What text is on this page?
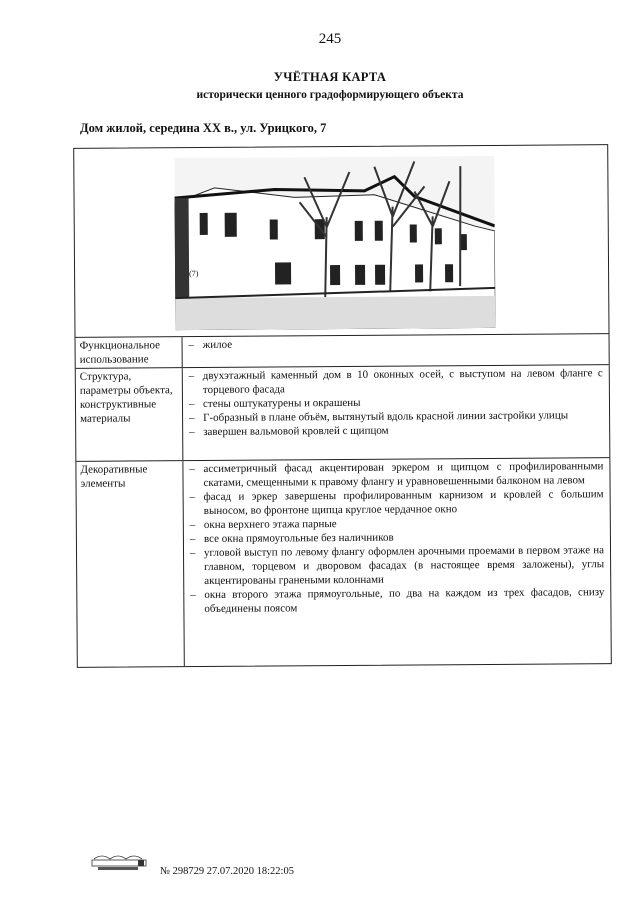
245
УЧЁТНАЯ КАРТА
исторически ценного градоформирующего объекта
Дом жилой, середина XX в., ул. Урицкого, 7
(7)
Функциональное использование
– жилое
Структура, параметры объекта, конструктивные материалы
– двухэтажный каменный дом в 10 оконных осей, с выступом на левом фланге с торцевого фасада
– стены оштукатурены и окрашены
– Г-образный в плане объём, вытянутый вдоль красной линии застройки улицы
– завершен вальмовой кровлей с щипцом
Декоративные элементы
– ассиметричный фасад акцентирован эркером и щипцом с профилированными скатами, смещенными к правому флангу и уравновешенными балконом на левом
– фасад и эркер завершены профилированным карнизом и кровлей с большим выносом, во фронтоне щипца круглое чердачное окно
– окна верхнего этажа парные
– все окна прямоугольные без наличников
– угловой выступ по левому флангу оформлен арочными проемами в первом этаже на главном, торцевом и дворовом фасадах (в настоящее время заложены), углы акцентированы гранеными колоннами
– окна второго этажа прямоугольные, по два на каждом из трех фасадов, снизу объединены поясом
№ 298729 27.07.2020 18:22:05
